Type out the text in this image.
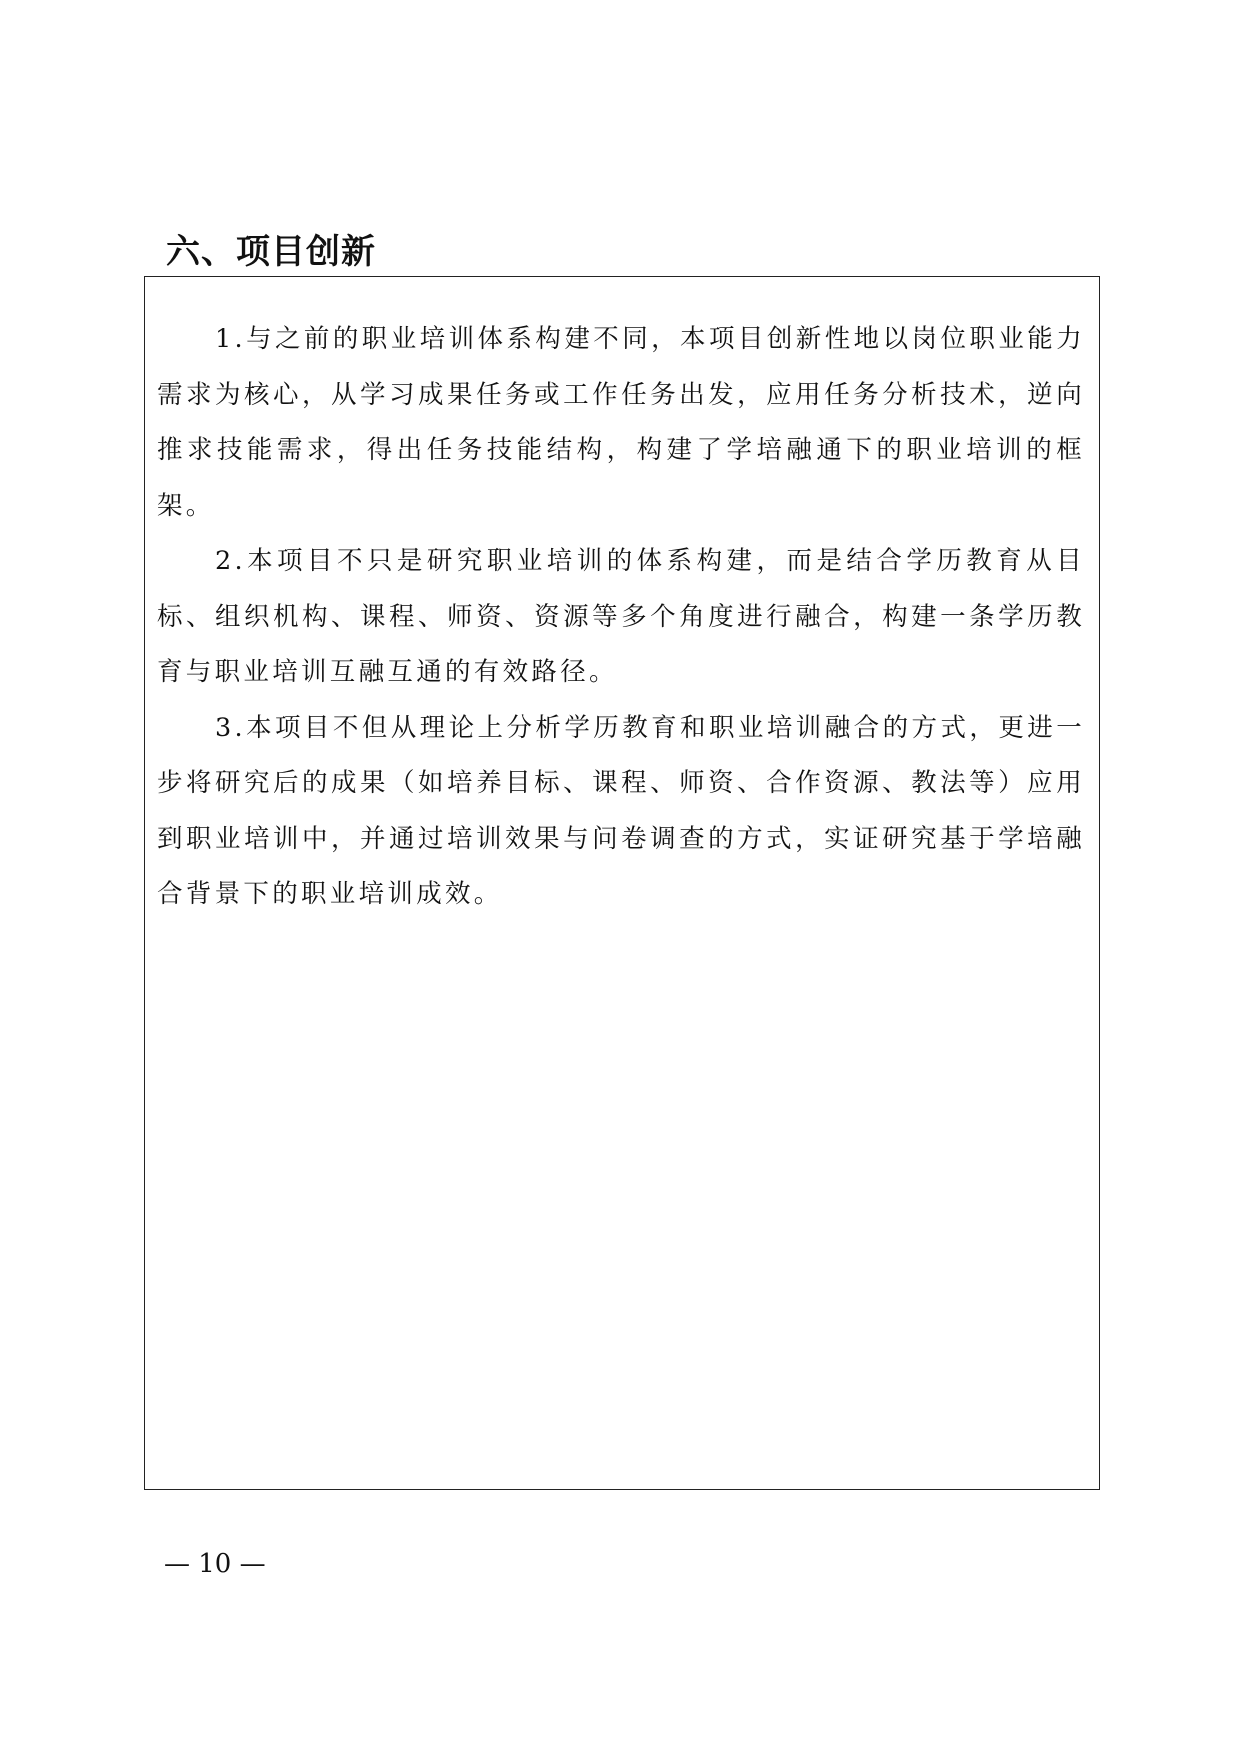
六、项目创新

1.与之前的职业培训体系构建不同，本项目创新性地以岗位职业能力需求为核心，从学习成果任务或工作任务出发，应用任务分析技术，逆向推求技能需求，得出任务技能结构，构建了学培融通下的职业培训的框架。

2.本项目不只是研究职业培训的体系构建，而是结合学历教育从目标、组织机构、课程、师资、资源等多个角度进行融合，构建一条学历教育与职业培训互融互通的有效路径。

3.本项目不但从理论上分析学历教育和职业培训融合的方式，更进一步将研究后的成果（如培养目标、课程、师资、合作资源、教法等）应用到职业培训中，并通过培训效果与问卷调查的方式，实证研究基于学培融合背景下的职业培训成效。

— 10 —
